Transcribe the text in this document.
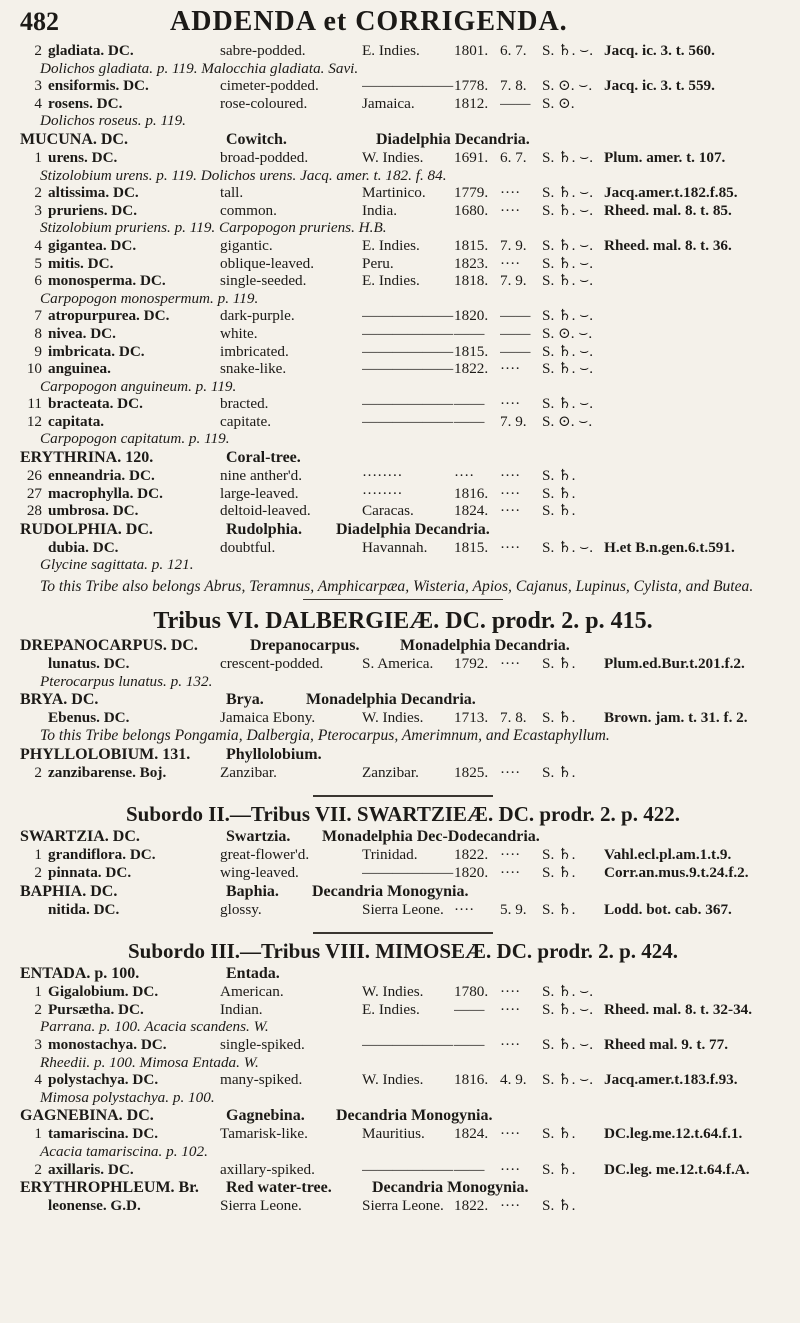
482	ADDENDA et CORRIGENDA.
2 gladiata. DC.	sabre-podded.	E. Indies. 1801. 6. 7. S. ♄. ⌣. Jacq. ic. 3. t. 560.
Dolichos gladiata. p. 119. Malocchia gladiata. Savi.
3 ensiformis. DC.	cimeter-podded.	——————1778. 7. 8. S. ⊙. ⌣. Jacq. ic. 3. t. 559.
4 rosens. DC.	rose-coloured.	Jamaica.	1812. —— S. ⊙.
Dolichos roseus. p. 119.
MUCUNA. DC.	Cowitch.	Diadelphia Decandria.
1 urens. DC.	broad-podded.	W. Indies. 1691. 6. 7. S. ♄. ⌣. Plum. amer. t. 107.
Stizolobium urens. p. 119. Dolichos urens. Jacq. amer. t. 182. f. 84.
2 altissima. DC.	tall.	Martinico. 1779. ···· S. ♄. ⌣. Jacq.amer.t.182.f.85.
3 pruriens. DC.	common.	India.	1680. ···· S. ♄. ⌣. Rheed. mal. 8. t. 85.
Stizolobium pruriens. p. 119. Carpopogon pruriens. H.B.
4 gigantea. DC.	gigantic.	E. Indies. 1815. 7. 9. S. ♄. ⌣. Rheed. mal. 8. t. 36.
5 mitis. DC.	oblique-leaved.	Peru.	1823. ···· S. ♄. ⌣.
6 monosperma. DC.	single-seeded.	E. Indies. 1818. 7. 9. S. ♄. ⌣.
Carpopogon monospermum. p. 119.
7 atropurpurea. DC.	dark-purple.	——————1820. —— S. ♄. ⌣.
8 nivea. DC.	white.	———————— —— S. ⊙. ⌣.
9 imbricata. DC.	imbricated.	——————1815. —— S. ♄. ⌣.
10 anguinea.	snake-like.	——————1822. ···· S. ♄. ⌣.
Carpopogon anguineum. p. 119.
11 bracteata. DC.	bracted.	———————— ···· S. ♄. ⌣.
12 capitata.	capitate.	———————— 7. 9. S. ⊙. ⌣.
Carpopogon capitatum. p. 119.
ERYTHRINA. 120.	Coral-tree.
26 enneandria. DC.	nine anther'd.	········	···· ···· S. ♄.
27 macrophylla. DC.	large-leaved.	········	1816. ···· S. ♄.
28 umbrosa. DC.	deltoid-leaved.	Caracas.	1824. ···· S. ♄.
RUDOLPHIA. DC.	Rudolphia. Diadelphia Decandria.
dubia. DC.	doubtful.	Havannah. 1815. ···· S. ♄. ⌣. H.et B.n.gen.6.t.591.
Glycine sagittata. p. 121.
To this Tribe also belongs Abrus, Teramnus, Amphicarpæa, Wisteria, Apios, Cajanus, Lupinus, Cylista, and Butea.
Tribus VI. DALBERGIEÆ. DC. prodr. 2. p. 415.
DREPANOCARPUS. DC.	Drepanocarpus.	Monadelphia Decandria.
lunatus. DC.	crescent-podded.	S. America. 1792. ···· S. ♄. Plum.ed.Bur.t.201.f.2.
Pterocarpus lunatus. p. 132.
BRYA. DC.	Brya.	Monadelphia Decandria.
Ebenus. DC.	Jamaica Ebony.	W. Indies. 1713. 7. 8. S. ♄. Brown. jam. t. 31. f. 2.
To this Tribe belongs Pongamia, Dalbergia, Pterocarpus, Amerimnum, and Ecastaphyllum.
PHYLLOLOBIUM. 131. Phyllolobium.
2 zanzibarense. Boj.	Zanzibar.	Zanzibar. 1825. ···· S. ♄.
Subordo II.—Tribus VII. SWARTZIEÆ. DC. prodr. 2. p. 422.
SWARTZIA. DC.	Swartzia. Monadelphia Dec-Dodecandria.
1 grandiflora. DC.	great-flower'd.	Trinidad. 1822. ···· S. ♄. Vahl.ecl.pl.am.1.t.9.
2 pinnata. DC.	wing-leaved.	——————1820. ···· S. ♄. Corr.an.mus.9.t.24.f.2.
BAPHIA. DC.	Baphia. Decandria Monogynia.
nitida. DC.	glossy.	Sierra Leone. ···· 5. 9. S. ♄. Lodd. bot. cab. 367.
Subordo III.—Tribus VIII. MIMOSEÆ. DC. prodr. 2. p. 424.
ENTADA. p. 100.	Entada.
1 Gigalobium. DC.	American.	W. Indies. 1780. ···· S. ♄. ⌣.
2 Pursætha. DC.	Indian.	E. Indies. —— ···· S. ♄. ⌣. Rheed. mal. 8. t. 32-34.
Parrana. p. 100. Acacia scandens. W.
3 monostachya. DC.	single-spiked.	———————— ···· S. ♄. ⌣. Rheed mal. 9. t. 77.
Rheedii. p. 100. Mimosa Entada. W.
4 polystachya. DC.	many-spiked.	W. Indies. 1816. 4. 9. S. ♄. ⌣. Jacq.amer.t.183.f.93.
Mimosa polystachya. p. 100.
GAGNEBINA. DC.	Gagnebina. Decandria Monogynia.
1 tamariscina. DC.	Tamarisk-like.	Mauritius. 1824. ···· S. ♄. DC.leg.me.12.t.64.f.1.
Acacia tamariscina. p. 102.
2 axillaris. DC.	axillary-spiked.	———————— ···· S. ♄. DC.leg. me.12.t.64.f.A.
ERYTHROPHLEUM. Br. Red water-tree.	Decandria Monogynia.
leonense. G.D.	Sierra Leone.	Sierra Leone. 1822. ···· S. ♄.
